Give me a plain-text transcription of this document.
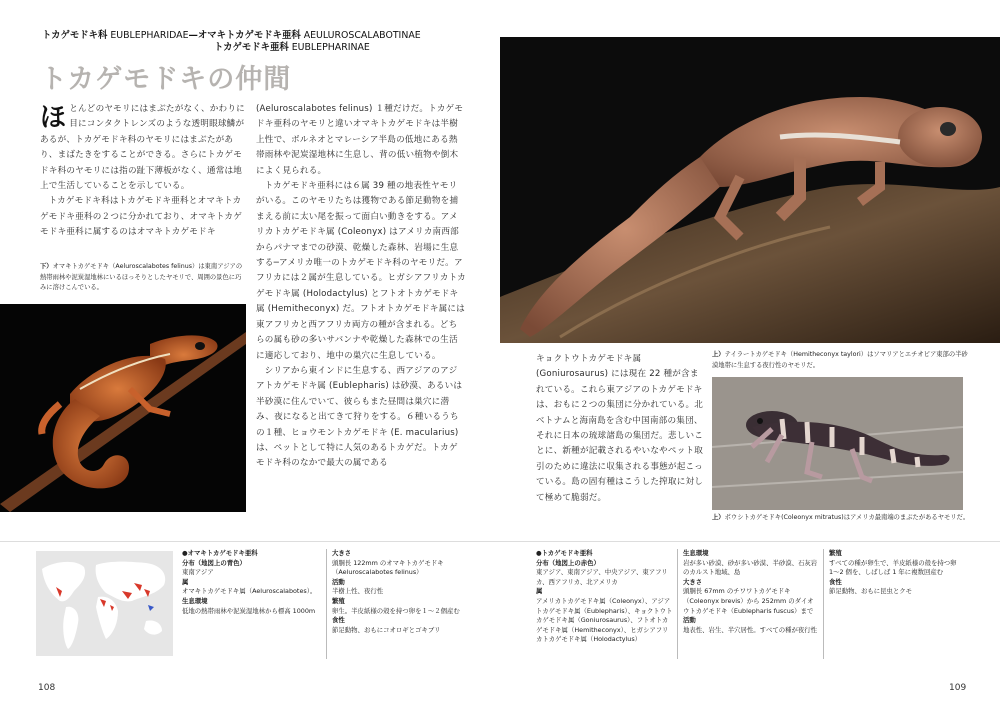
トカゲモドキ科 EUBLEPHARIDAE—オマキトカゲモドキ亜科 AEULUROSCALABOTINAE
トカゲモドキ亜科 EUBLEPHARINAE
トカゲモドキの仲間

ほとんどのヤモリにはまぶたがなく、かわりに目にコンタクトレンズのような透明眼球鱗があるが、トカゲモドキ科のヤモリにはまぶたがあり、まばたきをすることができる。さらにトカゲモドキ科のヤモリには指の趾下薄板がなく、通常は地上で生活していることを示している。

トカゲモドキ科はトカゲモドキ亜科とオマキトカゲモドキ亜科の２つに分かれており、オマキトカゲモドキ亜科に属するのはオマキトカゲモドキ

下）オマキトカゲモドキ（Aeluroscalabotes felinus）は東南アジアの熱帯雨林や泥炭湿地林にいるほっそりとしたヤモリで、周囲の景色に巧みに溶けこんでいる。

(Aeluroscalabotes felinus) １種だけだ。トカゲモドキ亜科のヤモリと違いオマキトカゲモドキは半樹上性で、ボルネオとマレーシア半島の低地にある熱帯雨林や泥炭湿地林に生息し、背の低い植物や倒木によく見られる。

トカゲモドキ亜科には６属 39 種の地表性ヤモリがいる。このヤモリたちは獲物である節足動物を捕まえる前に太い尾を振って面白い動きをする。アメリカトカゲモドキ属 (Coleonyx) はアメリカ南西部からパナマまでの砂漠、乾燥した森林、岩場に生息する─アメリカ唯一のトカゲモドキ科のヤモリだ。アフリカには２属が生息している。ヒガシアフリカトカゲモドキ属 (Holodactylus) とフトオトカゲモドキ属 (Hemitheconyx) だ。フトオトカゲモドキ属には東アフリカと西アフリカ両方の種が含まれる。どちらの属も砂の多いサバンナや乾燥した森林での生活に適応しており、地中の巣穴に生息している。

シリアから東インドに生息する、西アジアのアジアトカゲモドキ属 (Eublepharis) は砂漠、あるいは半砂漠に住んでいて、彼らもまた昼間は巣穴に潜み、夜になると出てきて狩りをする。６種いるうちの１種、ヒョウモントカゲモドキ (E. macularius) は、ペットとして特に人気のあるトカゲだ。トカゲモドキ科のなかで最大の属である

キョクトウトカゲモドキ属 (Goniurosaurus) には現在 22 種が含まれている。これら東アジアのトカゲモドキは、おもに２つの集団に分かれている。北ベトナムと海南島を含む中国南部の集団、それに日本の琉球諸島の集団だ。悲しいことに、新種が記載されるやいなやペット取引のために違法に収集される事態が起こっている。島の固有種はこうした搾取に対して極めて脆弱だ。

上）テイラートカゲモドキ（Hemitheconyx taylori）はソマリアとエチオピア東部の半砂漠地帯に生息する夜行性のヤモリだ。
上）ボウシトカゲモドキ(Coleonyx mitratus)はアメリカ最南端のまぶたがあるヤモリだ。
●オマキトカゲモドキ亜科
分布（地図上の青色）
東南アジア
属
オマキトカゲモドキ属（Aeluroscalabotes）。
生息環境
低地の熱帯雨林や泥炭湿地林から標高 1000m
大きさ
頭胴長 122mm のオマキトカゲモドキ（Aeluroscalabotes felinus）
活動
半樹上性、夜行性
繁殖
卵生。半皮紙様の殻を持つ卵を１〜２個産む
食性
節足動物、おもにコオロギとゴキブリ
●トカゲモドキ亜科
分布（地図上の赤色）
東アジア、東南アジア、中央アジア、東アフリカ、西アフリカ、北アメリカ
属
アメリカトカゲモドキ属（Coleonyx）、アジアトカゲモドキ属（Eublepharis）、キョクトウトカゲモドキ属（Goniurosaurus）、フトオトカゲモドキ属（Hemitheconyx）、ヒガシアフリカトカゲモドキ属（Holodactylus）
生息環境
岩が多い砂漠、砂が多い砂漠、半砂漠、石灰岩のカルスト地域、島
大きさ
頭胴長 67mm のチワワトカゲモドキ（Coleonyx brevis）から 252mm のダイオウトカゲモドキ（Eublepharis fuscus）まで
活動
地表性、岩生、半穴居性。すべての種が夜行性
繁殖
すべての種が卵生で、羊皮紙様の殻を持つ卵 1〜2 個を、しばしば 1 年に複数回産む
食性
節足動物、おもに昆虫とクモ
108	109
